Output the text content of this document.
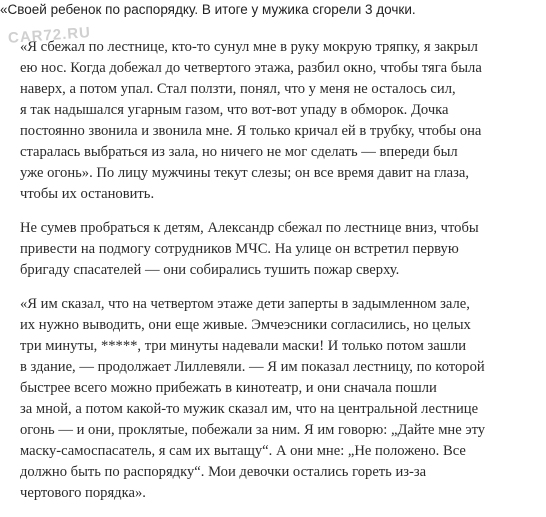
«Своей ребенок по распорядку. В итоге у мужика сгорели 3 дочки.
CAR72.RU

«Я сбежал по лестнице, кто-то сунул мне в руку мокрую тряпку, я закрыл
ею нос. Когда добежал до четвертого этажа, разбил окно, чтобы тяга была
наверх, а потом упал. Стал ползти, понял, что у меня не осталось сил,
я так надышался угарным газом, что вот-вот упаду в обморок. Дочка
постоянно звонила и звонила мне. Я только кричал ей в трубку, чтобы она
старалась выбраться из зала, но ничего не мог сделать — впереди был
уже огонь». По лицу мужчины текут слезы; он все время давит на глаза,
чтобы их остановить.

Не сумев пробраться к детям, Александр сбежал по лестнице вниз, чтобы
привести на подмогу сотрудников МЧС. На улице он встретил первую
бригаду спасателей — они собирались тушить пожар сверху.

«Я им сказал, что на четвертом этаже дети заперты в задымленном зале,
их нужно выводить, они еще живые. Эмчеэсники согласились, но целых
три минуты, *****, три минуты надевали маски! И только потом зашли
в здание, — продолжает Лиллевяли. — Я им показал лестницу, по которой
быстрее всего можно прибежать в кинотеатр, и они сначала пошли
за мной, а потом какой-то мужик сказал им, что на центральной лестнице
огонь — и они, проклятые, побежали за ним. Я им говорю: „Дайте мне эту
маску-самоспасатель, я сам их вытащу“. А они мне: „Не положено. Все
должно быть по распорядку“. Мои девочки остались гореть из-за
чертового порядка».
